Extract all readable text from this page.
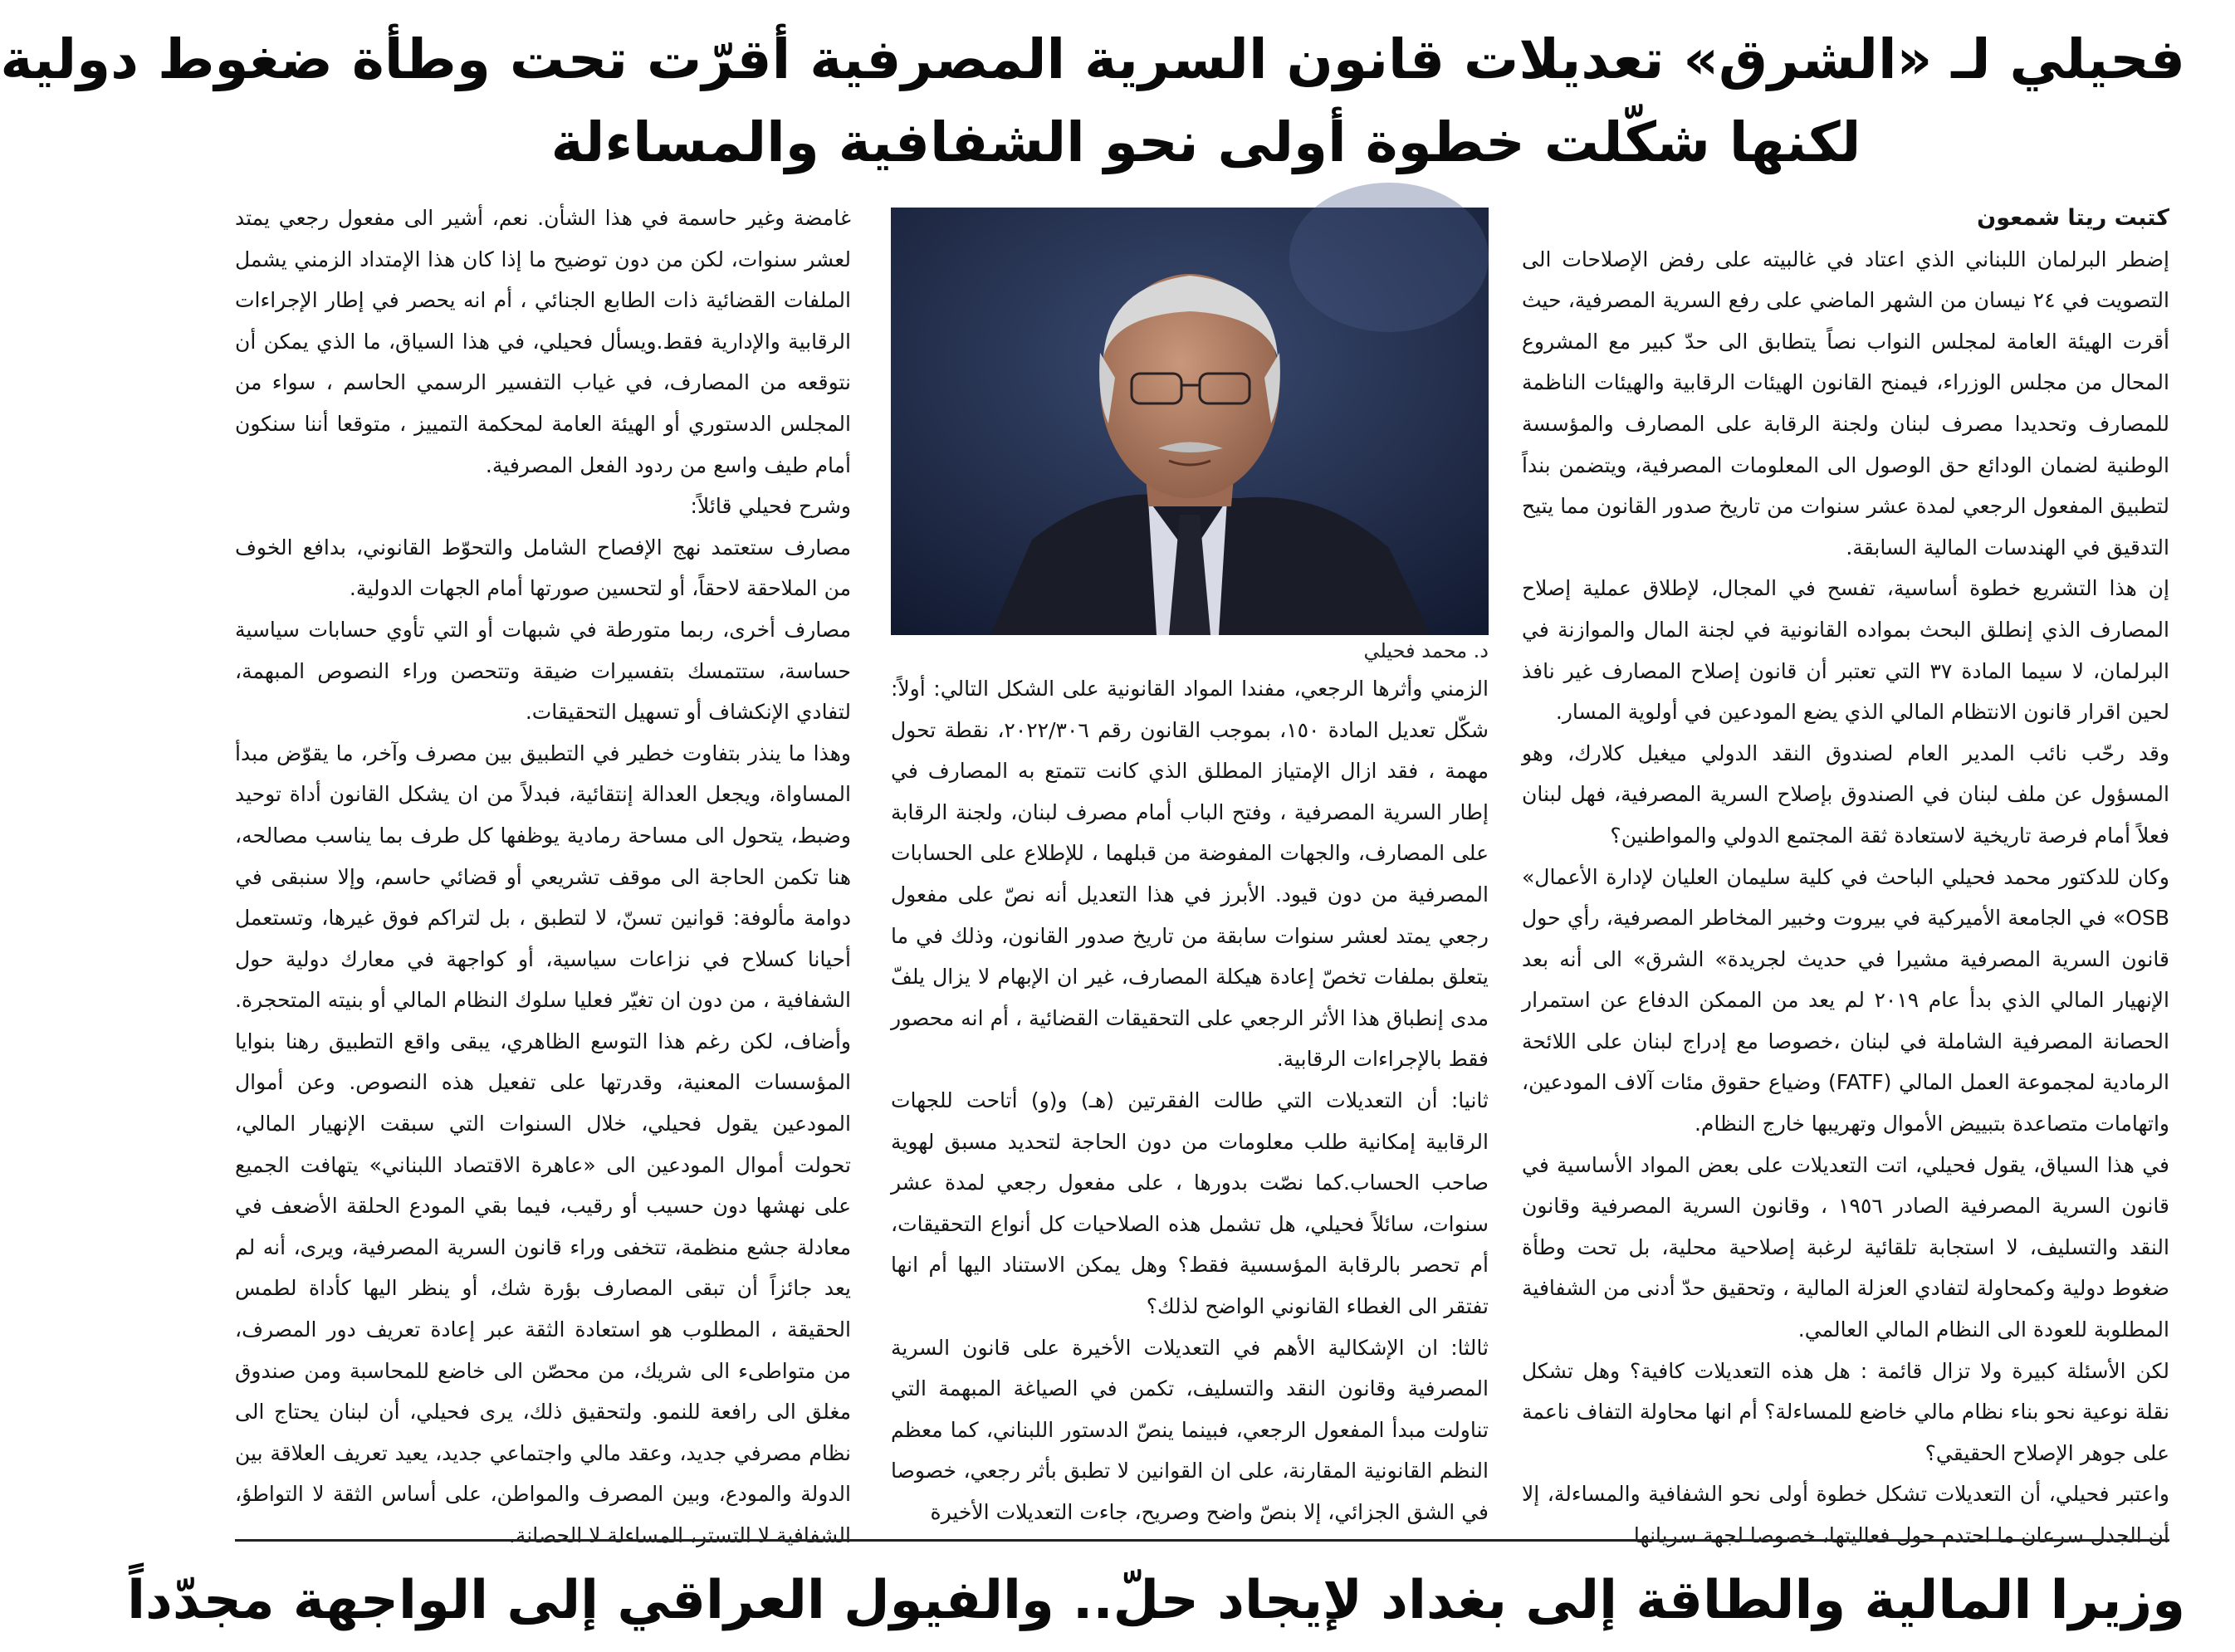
فحيلي لـ «الشرق» تعديلات قانون السرية المصرفية أقرّت تحت وطأة ضغوط دولية
لكنها شكّلت خطوة أولى نحو الشفافية والمساءلة

كتبت ريتا شمعون

إضطر البرلمان اللبناني الذي اعتاد في غالبيته على رفض الإصلاحات الى التصويت في ٢٤ نيسان من الشهر الماضي على رفع السرية المصرفية، حيث أقرت الهيئة العامة لمجلس النواب نصاً يتطابق الى حدّ كبير مع المشروع المحال من مجلس الوزراء، فيمنح القانون الهيئات الرقابية والهيئات الناظمة للمصارف وتحديدا مصرف لبنان ولجنة الرقابة على المصارف والمؤسسة الوطنية لضمان الودائع حق الوصول الى المعلومات المصرفية، ويتضمن بنداً لتطبيق المفعول الرجعي لمدة عشر سنوات من تاريخ صدور القانون مما يتيح التدقيق في الهندسات المالية السابقة.

إن هذا التشريع خطوة أساسية، تفسح في المجال، لإطلاق عملية إصلاح المصارف الذي إنطلق البحث بمواده القانونية في لجنة المال والموازنة في البرلمان، لا سيما المادة ٣٧ التي تعتبر أن قانون إصلاح المصارف غير نافذ لحين اقرار قانون الانتظام المالي الذي يضع المودعين في أولوية المسار.

وقد رحّب نائب المدير العام لصندوق النقد الدولي ميغيل كلارك، وهو المسؤول عن ملف لبنان في الصندوق بإصلاح السرية المصرفية، فهل لبنان فعلاً أمام فرصة تاريخية لاستعادة ثقة المجتمع الدولي والمواطنين؟

وكان للدكتور محمد فحيلي الباحث في كلية سليمان العليان لإدارة الأعمال» OSB» في الجامعة الأميركية في بيروت وخبير المخاطر المصرفية، رأي حول قانون السرية المصرفية مشيرا في حديث لجريدة» الشرق» الى أنه بعد الإنهيار المالي الذي بدأ عام ٢٠١٩ لم يعد من الممكن الدفاع عن استمرار الحصانة المصرفية الشاملة في لبنان ،خصوصا مع إدراج لبنان على اللائحة الرمادية لمجموعة العمل المالي (FATF) وضياع حقوق مئات آلاف المودعين، واتهامات متصاعدة بتبييض الأموال وتهريبها خارج النظام.

في هذا السياق، يقول فحيلي، اتت التعديلات على بعض المواد الأساسية في قانون السرية المصرفية الصادر ١٩٥٦ ، وقانون السرية المصرفية وقانون النقد والتسليف، لا استجابة تلقائية لرغبة إصلاحية محلية، بل تحت وطأة ضغوط دولية وكمحاولة لتفادي العزلة المالية ، وتحقيق حدّ أدنى من الشفافية المطلوبة للعودة الى النظام المالي العالمي.

لكن الأسئلة كبيرة ولا تزال قائمة : هل هذه التعديلات كافية؟ وهل تشكل نقلة نوعية نحو بناء نظام مالي خاضع للمساءلة؟ أم انها محاولة التفاف ناعمة على جوهر الإصلاح الحقيقي؟

واعتبر فحيلي، أن التعديلات تشكل خطوة أولى نحو الشفافية والمساءلة، إلا أن الجدل سرعان ما احتدم حول فعاليتها، خصوصا لجهة سريانها

د. محمد فحيلي

الزمني وأثرها الرجعي، مفندا المواد القانونية على الشكل التالي: أولاً: شكّل تعديل المادة ١٥٠، بموجب القانون رقم ٢٠٢٢/٣٠٦، نقطة تحول مهمة ، فقد ازال الإمتياز المطلق الذي كانت تتمتع به المصارف في إطار السرية المصرفية ، وفتح الباب أمام مصرف لبنان، ولجنة الرقابة على المصارف، والجهات المفوضة من قبلهما ، للإطلاع على الحسابات المصرفية من دون قيود. الأبرز في هذا التعديل أنه نصّ على مفعول رجعي يمتد لعشر سنوات سابقة من تاريخ صدور القانون، وذلك في ما يتعلق بملفات تخصّ إعادة هيكلة المصارف، غير ان الإبهام لا يزال يلفّ مدى إنطباق هذا الأثر الرجعي على التحقيقات القضائية ، أم انه محصور فقط بالإجراءات الرقابية.

ثانيا: أن التعديلات التي طالت الفقرتين (هـ) و(و) أتاحت للجهات الرقابية إمكانية طلب معلومات من دون الحاجة لتحديد مسبق لهوية صاحب الحساب.كما نصّت بدورها ، على مفعول رجعي لمدة عشر سنوات، سائلاً فحيلي، هل تشمل هذه الصلاحيات كل أنواع التحقيقات، أم تحصر بالرقابة المؤسسية فقط؟ وهل يمكن الاستناد اليها أم انها تفتقر الى الغطاء القانوني الواضح لذلك؟

ثالثا: ان الإشكالية الأهم في التعديلات الأخيرة على قانون السرية المصرفية وقانون النقد والتسليف، تكمن في الصياغة المبهمة التي تناولت مبدأ المفعول الرجعي، فبينما ينصّ الدستور اللبناني، كما معظم النظم القانونية المقارنة، على ان القوانين لا تطبق بأثر رجعي، خصوصا في الشق الجزائي، إلا بنصّ واضح وصريح، جاءت التعديلات الأخيرة

غامضة وغير حاسمة في هذا الشأن. نعم، أشير الى مفعول رجعي يمتد لعشر سنوات، لكن من دون توضيح ما إذا كان هذا الإمتداد الزمني يشمل الملفات القضائية ذات الطابع الجنائي ، أم انه يحصر في إطار الإجراءات الرقابية والإدارية فقط.ويسأل فحيلي، في هذا السياق، ما الذي يمكن أن نتوقعه من المصارف، في غياب التفسير الرسمي الحاسم ، سواء من المجلس الدستوري أو الهيئة العامة لمحكمة التمييز ، متوقعا أننا سنكون أمام طيف واسع من ردود الفعل المصرفية.

وشرح فحيلي قائلاً:

مصارف ستعتمد نهج الإفصاح الشامل والتحوّط القانوني، بدافع الخوف من الملاحقة لاحقاً، أو لتحسين صورتها أمام الجهات الدولية.

مصارف أخرى، ربما متورطة في شبهات أو التي تأوي حسابات سياسية حساسة، ستتمسك بتفسيرات ضيقة وتتحصن وراء النصوص المبهمة، لتفادي الإنكشاف أو تسهيل التحقيقات.

وهذا ما ينذر بتفاوت خطير في التطبيق بين مصرف وآخر، ما يقوّض مبدأ المساواة، ويجعل العدالة إنتقائية، فبدلاً من ان يشكل القانون أداة توحيد وضبط، يتحول الى مساحة رمادية يوظفها كل طرف بما يناسب مصالحه، هنا تكمن الحاجة الى موقف تشريعي أو قضائي حاسم، وإلا سنبقى في دوامة مألوفة: قوانين تسنّ، لا لتطبق ، بل لتراكم فوق غيرها، وتستعمل أحيانا كسلاح في نزاعات سياسية، أو كواجهة في معارك دولية حول الشفافية ، من دون ان تغيّر فعليا سلوك النظام المالي أو بنيته المتحجرة. وأضاف، لكن رغم هذا التوسع الظاهري، يبقى واقع التطبيق رهنا بنوايا المؤسسات المعنية، وقدرتها على تفعيل هذه النصوص. وعن أموال المودعين يقول فحيلي، خلال السنوات التي سبقت الإنهيار المالي، تحولت أموال المودعين الى «عاهرة الاقتصاد اللبناني» يتهافت الجميع على نهشها دون حسيب أو رقيب، فيما بقي المودع الحلقة الأضعف في معادلة جشع منظمة، تتخفى وراء قانون السرية المصرفية، ويرى، أنه لم يعد جائزاً أن تبقى المصارف بؤرة شك، أو ينظر اليها كأداة لطمس الحقيقة ، المطلوب هو استعادة الثقة عبر إعادة تعريف دور المصرف، من متواطىء الى شريك، من محصّن الى خاضع للمحاسبة ومن صندوق مغلق الى رافعة للنمو. ولتحقيق ذلك، يرى فحيلي، أن لبنان يحتاج الى نظام مصرفي جديد، وعقد مالي واجتماعي جديد، يعيد تعريف العلاقة بين الدولة والمودع، وبين المصرف والمواطن، على أساس الثقة لا التواطؤ، الشفافية لا التستر، المساءلة لا الحصانة.

وزيرا المالية والطاقة إلى بغداد لإيجاد حلّ.. والفيول العراقي إلى الواجهة مجدّداً
